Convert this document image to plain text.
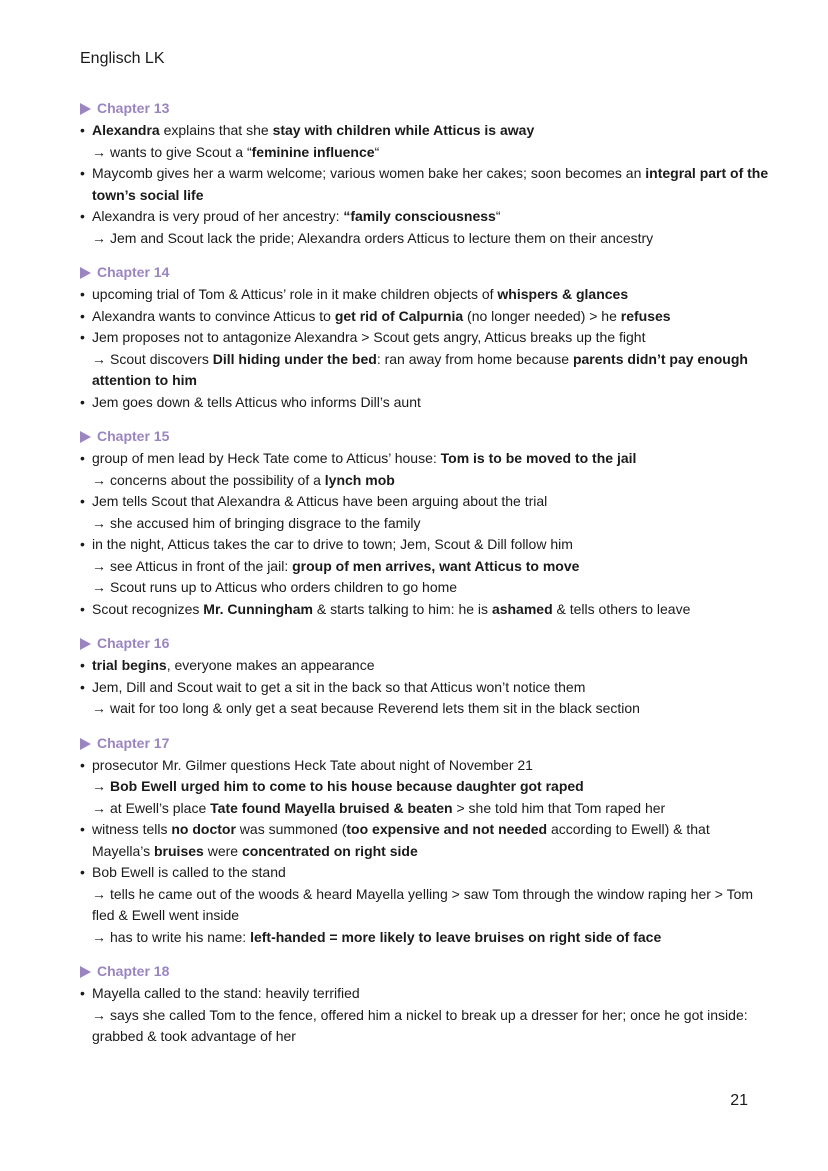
Englisch LK
Chapter 13
• Alexandra explains that she stay with children while Atticus is away
→ wants to give Scout a “feminine influence“
• Maycomb gives her a warm welcome; various women bake her cakes; soon becomes an integral part of the town’s social life
• Alexandra is very proud of her ancestry: “family consciousness“
→ Jem and Scout lack the pride; Alexandra orders Atticus to lecture them on their ancestry
Chapter 14
• upcoming trial of Tom & Atticus’ role in it make children objects of whispers & glances
• Alexandra wants to convince Atticus to get rid of Calpurnia (no longer needed) > he refuses
• Jem proposes not to antagonize Alexandra > Scout gets angry, Atticus breaks up the fight
→ Scout discovers Dill hiding under the bed: ran away from home because parents didn’t pay enough attention to him
• Jem goes down & tells Atticus who informs Dill’s aunt
Chapter 15
• group of men lead by Heck Tate come to Atticus’ house: Tom is to be moved to the jail
→ concerns about the possibility of a lynch mob
• Jem tells Scout that Alexandra & Atticus have been arguing about the trial
→ she accused him of bringing disgrace to the family
• in the night, Atticus takes the car to drive to town; Jem, Scout & Dill follow him
→ see Atticus in front of the jail: group of men arrives, want Atticus to move
→ Scout runs up to Atticus who orders children to go home
• Scout recognizes Mr. Cunningham & starts talking to him: he is ashamed & tells others to leave
Chapter 16
• trial begins, everyone makes an appearance
• Jem, Dill and Scout wait to get a sit in the back so that Atticus won’t notice them
→ wait for too long & only get a seat because Reverend lets them sit in the black section
Chapter 17
• prosecutor Mr. Gilmer questions Heck Tate about night of November 21
→ Bob Ewell urged him to come to his house because daughter got raped
→ at Ewell’s place Tate found Mayella bruised & beaten > she told him that Tom raped her
• witness tells no doctor was summoned (too expensive and not needed according to Ewell) & that Mayella’s bruises were concentrated on right side
• Bob Ewell is called to the stand
→ tells he came out of the woods & heard Mayella yelling > saw Tom through the window raping her > Tom fled & Ewell went inside
→ has to write his name: left-handed = more likely to leave bruises on right side of face
Chapter 18
• Mayella called to the stand: heavily terrified
→ says she called Tom to the fence, offered him a nickel to break up a dresser for her; once he got inside: grabbed & took advantage of her
21
